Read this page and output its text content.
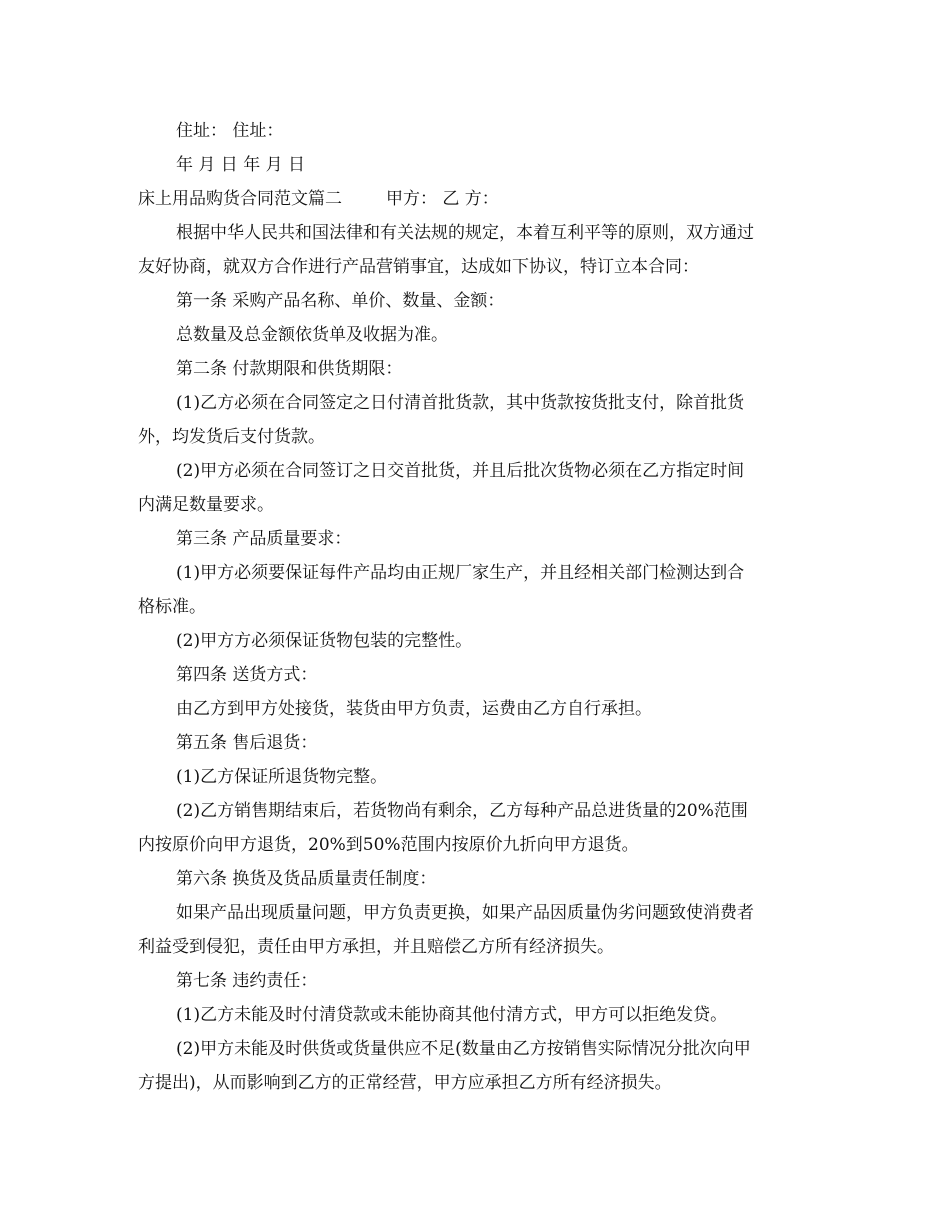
住址： 住址：
年 月 日 年 月 日
床上用品购货合同范文篇二	甲方： 乙 方：
根据中华人民共和国法律和有关法规的规定，本着互利平等的原则，双方通过
友好协商，就双方合作进行产品营销事宜，达成如下协议，特订立本合同：
第一条 采购产品名称、单价、数量、金额：
总数量及总金额依货单及收据为准。
第二条 付款期限和供货期限：
(1)乙方必须在合同签定之日付清首批货款，其中货款按货批支付，除首批货
外，均发货后支付货款。
(2)甲方必须在合同签订之日交首批货，并且后批次货物必须在乙方指定时间
内满足数量要求。
第三条 产品质量要求：
(1)甲方必须要保证每件产品均由正规厂家生产，并且经相关部门检测达到合
格标准。
(2)甲方方必须保证货物包装的完整性。
第四条 送货方式：
由乙方到甲方处接货，装货由甲方负责，运费由乙方自行承担。
第五条 售后退货：
(1)乙方保证所退货物完整。
(2)乙方销售期结束后，若货物尚有剩余，乙方每种产品总进货量的20%范围
内按原价向甲方退货，20%到50%范围内按原价九折向甲方退货。
第六条 换货及货品质量责任制度：
如果产品出现质量问题，甲方负责更换，如果产品因质量伪劣问题致使消费者
利益受到侵犯，责任由甲方承担，并且赔偿乙方所有经济损失。
第七条 违约责任：
(1)乙方未能及时付清贷款或未能协商其他付清方式，甲方可以拒绝发贷。
(2)甲方未能及时供货或货量供应不足(数量由乙方按销售实际情况分批次向甲
方提出)，从而影响到乙方的正常经营，甲方应承担乙方所有经济损失。
